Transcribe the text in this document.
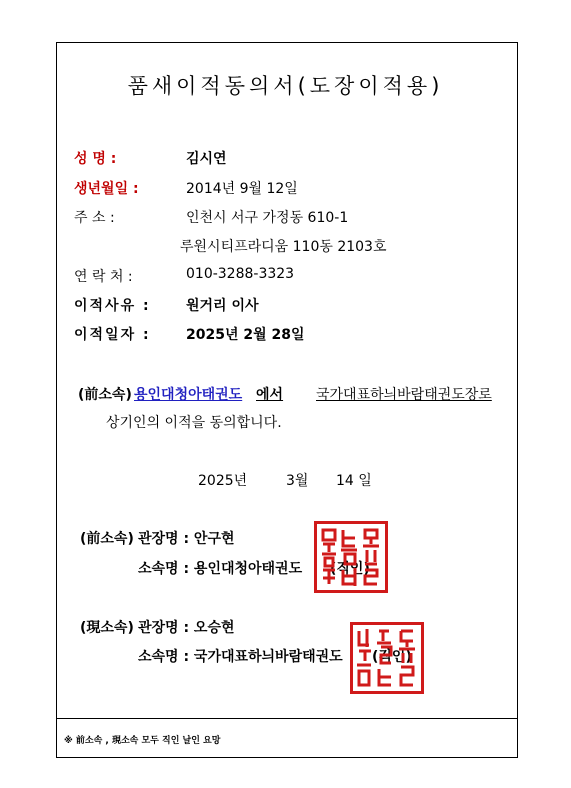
품새이적동의서(도장이적용)
성 명 :	김시연
생년월일 :	2014년 9월 12일
주 소 :	인천시 서구 가정동 610-1
루원시티프라디움 110동 2103호
연 락 처 :	010-3288-3323
이적사유 :	원거리 이사
이적일자 :	2025년 2월 28일
(前소속) 용인대청아태권도 에서 국가대표하늬바람태권도장로
상기인의 이적을 동의합니다.
2025년	3월 14 일
(前소속) 관장명 : 안구현
소속명 : 용인대청아태권도 (직인)
(現소속) 관장명 : 오승현
소속명 : 국가대표하늬바람태권도 (직인)
※ 前소속 , 現소속 모두 직인 날인 요망
